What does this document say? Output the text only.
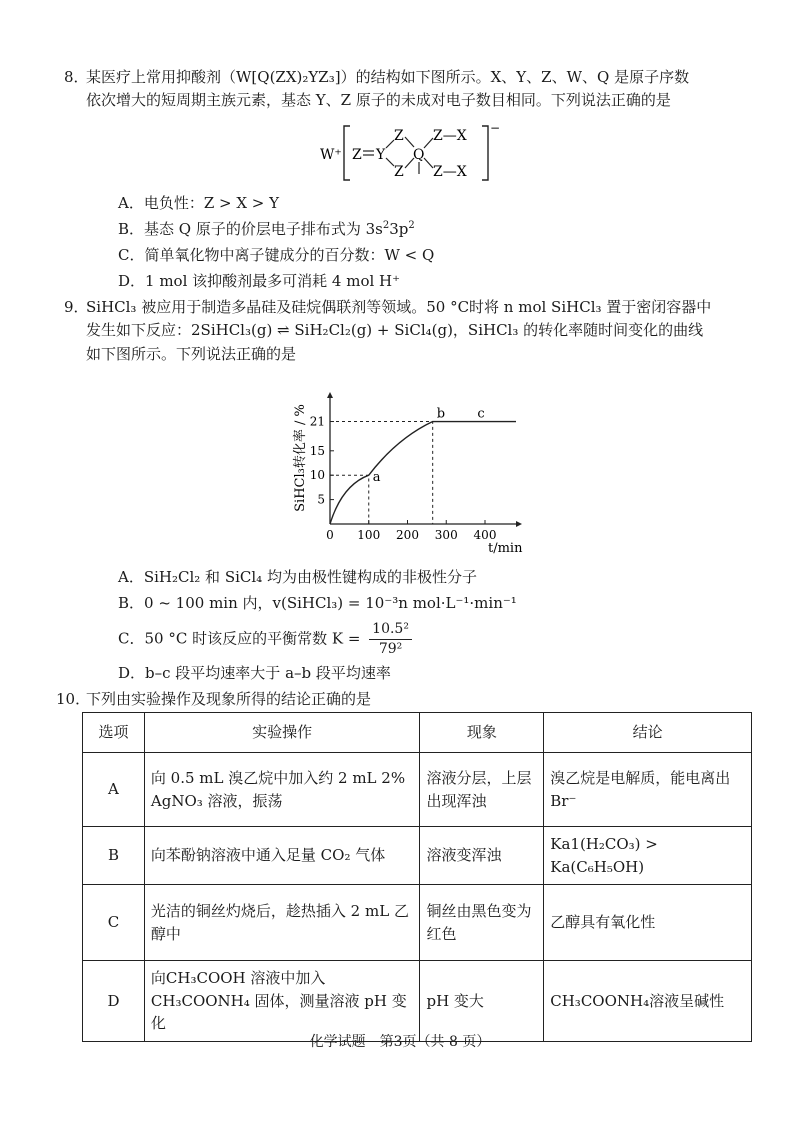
8．
某医疗上常用抑酸剂（W[Q(ZX)₂YZ₃]）的结构如下图所示。X、Y、Z、W、Q 是原子序数
依次增大的短周期主族元素，基态 Y、Z 原子的未成对电子数目相同。下列说法正确的是
W⁺
−
Z Y
Z
Z
Q
Z—X
Z—X
A．电负性：Z > X > Y
B．基态 Q 原子的价层电子排布式为 $3s^23p^2$
C．简单氧化物中离子键成分的百分数：W < Q
D．1 mol 该抑酸剂最多可消耗 4 mol H⁺
9．
SiHCl₃ 被应用于制造多晶硅及硅烷偶联剂等领域。50 °C时将 n mol SiHCl₃ 置于密闭容器中
发生如下反应：2SiHCl₃(g) ⇌ SiH₂Cl₂(g) + SiCl₄(g)，SiHCl₃ 的转化率随时间变化的曲线
如下图所示。下列说法正确的是
SiHCl₃转化率 / %
t/min
0 100 200 300 400
5
10
15
21
a
b c
A．SiH₂Cl₂ 和 SiCl₄ 均为由极性键构成的非极性分子
B．0 ~ 100 min 内，v(SiHCl₃) = 10⁻³n mol·L⁻¹·min⁻¹
C．50 °C 时该反应的平衡常数 $K = \frac{\text{10.5²}}{\text{79²}}$
D．b–c 段平均速率大于 a–b 段平均速率
10．
下列由实验操作及现象所得的结论正确的是
选项	实验操作	现象	结论
A	向 0.5 mL 溴乙烷中加入约 2 mL 2% AgNO₃ 溶液，振荡	溶液分层，上层出现浑浊	溴乙烷是电解质，能电离出 Br⁻
B	向苯酚钠溶液中通入足量 CO₂ 气体	溶液变浑浊	Ka1(H₂CO₃) > Ka(C₆H₅OH)
C	光洁的铜丝灼烧后，趁热插入 2 mL 乙醇中	铜丝由黑色变为红色	乙醇具有氧化性
D	向CH₃COOH 溶液中加入 CH₃COONH₄ 固体，测量溶液 pH 变化	pH 变大	CH₃COONH₄溶液呈碱性
化学试题　第3页（共 8 页）
